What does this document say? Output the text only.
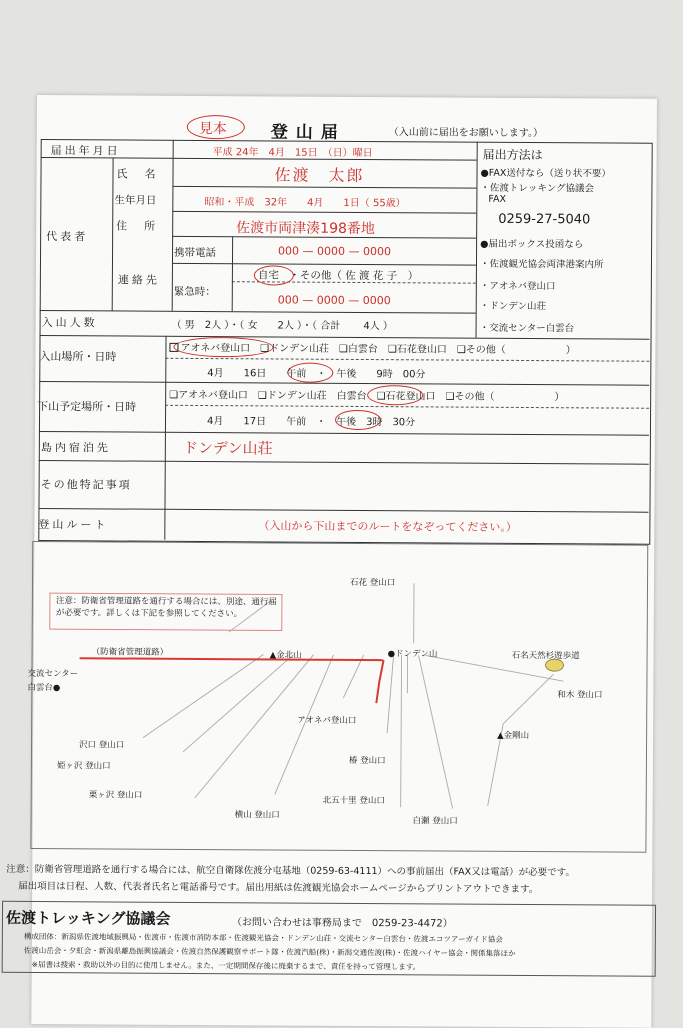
見本	登山届	（入山前に届出をお願いします。）
届出年月日	平成 24年　4月　15日　（日）曜日
代表者
氏　名	佐渡　太郎
生年月日	昭和・平成　32年　　4月　　1日（ 55歳）
住　所	佐渡市両津湊198番地
連絡先
携帯電話	000 — 0000 — 0000
緊急時：
自宅　・その他（ 佐 渡 花 子　）
000 — 0000 — 0000
届出方法は
●FAX送付なら（送り状不要）
・佐渡トレッキング協議会
FAX
0259-27-5040
●届出ボックス投函なら
・佐渡観光協会両津港案内所
・アオネバ登山口
・ドンデン山荘
・交流センター白雲台
入山人数	（ 男　2人 ）・（ 女　　2人 ）・（ 合計　　 4人 ）
入山場所・日時
アオネバ登山口　❏ドンデン山荘　❏白雲台　❏石花登山口　❏その他（　　　　　　）
4月　　16日　　午前　・　午後　　9時　00分
下山予定場所・日時
❏アオネバ登山口　❏ドンデン山荘　白雲台　❏石花登山口　❏その他（　　　　　　）
4月　　17日　　午前　・　午後　3時　30分
島内宿泊先	ドンデン山荘
その他特記事項
登山ルート	（入山から下山までのルートをなぞってください。）
注意：防衛省管理道路を通行する場合には、別途、通行届が必要です。詳しくは下記を参照してください。
（防衛省管理道路）
交流センター
白雲台●
▲金北山	●ドンデン山
石花 登山口
石名天然杉遊歩道
和木 登山口
アオネバ登山口
▲金剛山
沢口 登山口
姫ヶ沢 登山口
椿 登山口
栗ヶ沢 登山口
北五十里 登山口
横山 登山口
白瀬 登山口
注意：防衛省管理道路を通行する場合には、航空自衛隊佐渡分屯基地（0259-63-4111）への事前届出（FAX又は電話）が必要です。
届出項目は日程、人数、代表者氏名と電話番号です。届出用紙は佐渡観光協会ホームページからプリントアウトできます。
佐渡トレッキング協議会	（お問い合わせは事務局まで　0259-23-4472）
構成団体：新潟県佐渡地域振興局・佐渡市・佐渡市消防本部・佐渡観光協会・ドンデン山荘・交流センター白雲台・佐渡エコツアーガイド協会
佐渡山岳会・夕虹会・新潟県離島振興協議会・佐渡自然保護観察サポート隊・佐渡汽船(株)・新潟交通佐渡(株)・佐渡ハイヤー協会・関係集落ほか
※届書は捜索・救助以外の目的に使用しません。また、一定期間保存後に廃棄するまで、責任を持って管理します。
